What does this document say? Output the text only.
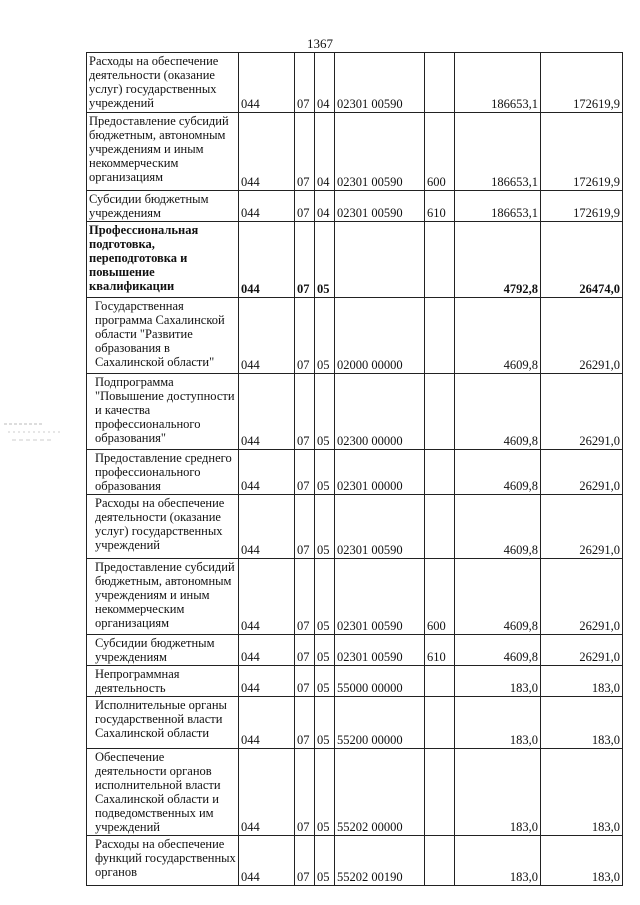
1367
Расходы на обеспечение деятельности (оказание услуг) государственных учреждений	044	07	04	02301 00590		186653,1	172619,9
Предоставление субсидий бюджетным, автономным учреждениям и иным некоммерческим организациям	044	07	04	02301 00590	600	186653,1	172619,9
Субсидии бюджетным учреждениям	044	07	04	02301 00590	610	186653,1	172619,9
Профессиональная подготовка, переподготовка и повышение квалификации	044	07	05			4792,8	26474,0
Государственная программа Сахалинской области "Развитие образования в Сахалинской области"	044	07	05	02000 00000		4609,8	26291,0
Подпрограмма "Повышение доступности и качества профессионального образования"	044	07	05	02300 00000		4609,8	26291,0
Предоставление среднего профессионального образования	044	07	05	02301 00000		4609,8	26291,0
Расходы на обеспечение деятельности (оказание услуг) государственных учреждений	044	07	05	02301 00590		4609,8	26291,0
Предоставление субсидий бюджетным, автономным учреждениям и иным некоммерческим организациям	044	07	05	02301 00590	600	4609,8	26291,0
Субсидии бюджетным учреждениям	044	07	05	02301 00590	610	4609,8	26291,0
Непрограммная деятельность	044	07	05	55000 00000		183,0	183,0
Исполнительные органы государственной власти Сахалинской области	044	07	05	55200 00000		183,0	183,0
Обеспечение деятельности органов исполнительной власти Сахалинской области и подведомственных им учреждений	044	07	05	55202 00000		183,0	183,0
Расходы на обеспечение функций государственных органов	044	07	05	55202 00190		183,0	183,0
